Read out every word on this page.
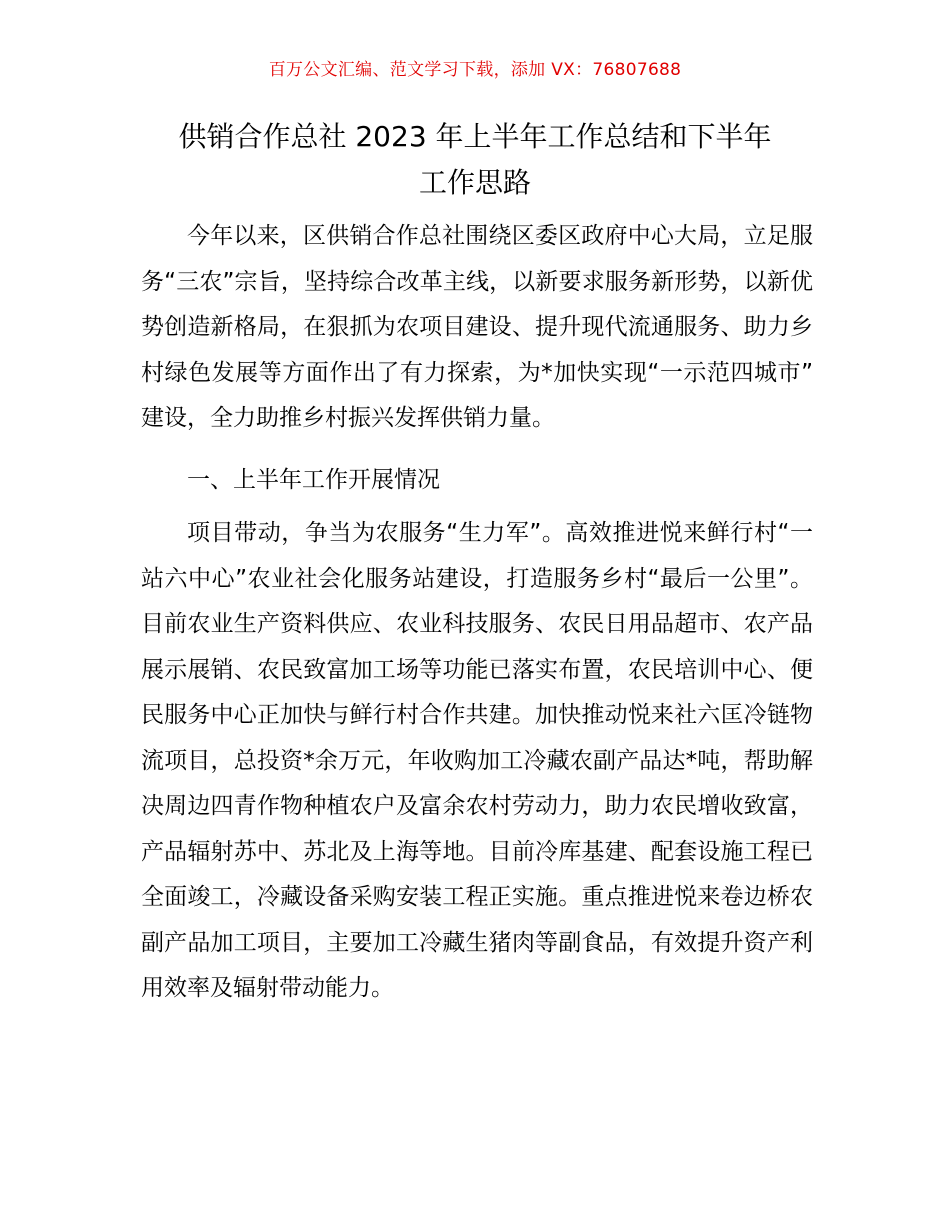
百万公文汇编、范文学习下载，添加 VX：76807688
供销合作总社 2023 年上半年工作总结和下半年
工作思路

今年以来，区供销合作总社围绕区委区政府中心大局，立足服务“三农”宗旨，坚持综合改革主线，以新要求服务新形势，以新优势创造新格局，在狠抓为农项目建设、提升现代流通服务、助力乡村绿色发展等方面作出了有力探索，为*加快实现“一示范四城市”建设，全力助推乡村振兴发挥供销力量。

一、上半年工作开展情况

项目带动，争当为农服务“生力军”。高效推进悦来鲜行村“一站六中心”农业社会化服务站建设，打造服务乡村“最后一公里”。目前农业生产资料供应、农业科技服务、农民日用品超市、农产品展示展销、农民致富加工场等功能已落实布置，农民培训中心、便民服务中心正加快与鲜行村合作共建。加快推动悦来社六匡冷链物流项目，总投资*余万元，年收购加工冷藏农副产品达*吨，帮助解决周边四青作物种植农户及富余农村劳动力，助力农民增收致富，产品辐射苏中、苏北及上海等地。目前冷库基建、配套设施工程已全面竣工，冷藏设备采购安装工程正实施。重点推进悦来卷边桥农副产品加工项目，主要加工冷藏生猪肉等副食品，有效提升资产利用效率及辐射带动能力。
